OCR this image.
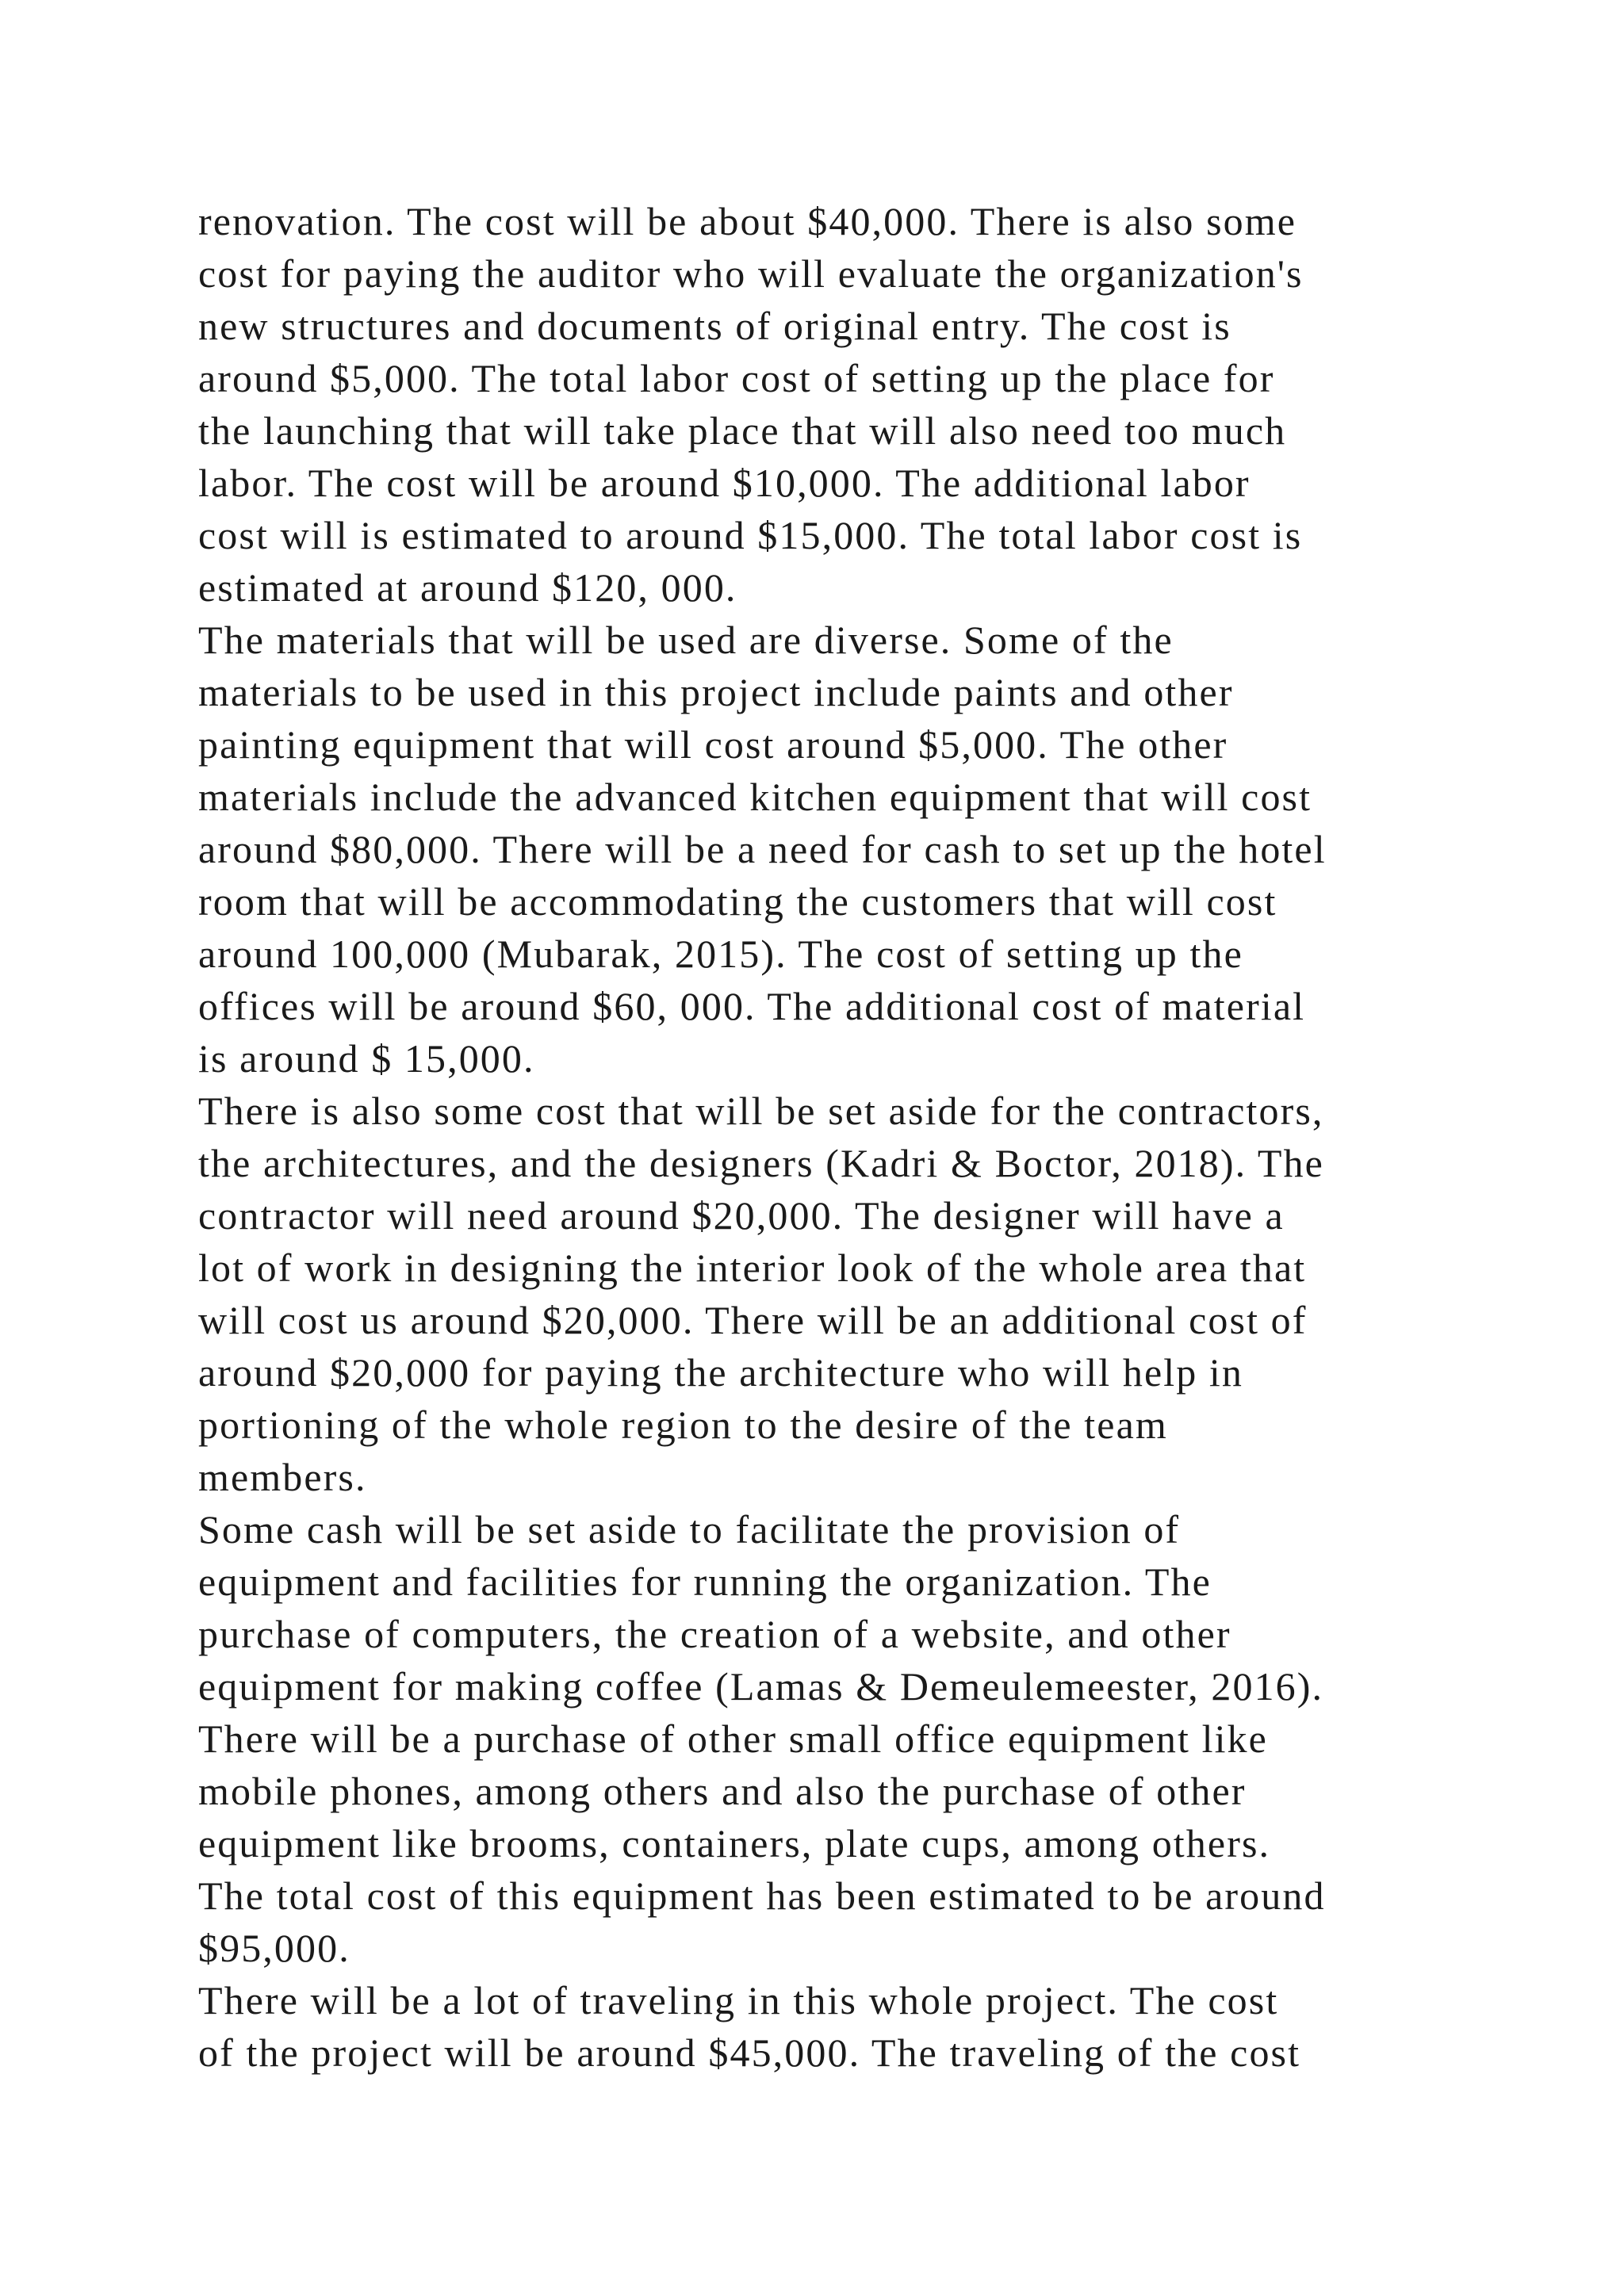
renovation. The cost will be about $40,000. There is also some
cost for paying the auditor who will evaluate the organization's
new structures and documents of original entry. The cost is
around $5,000. The total labor cost of setting up the place for
the launching that will take place that will also need too much
labor. The cost will be around $10,000. The additional labor
cost will is estimated to around $15,000. The total labor cost is
estimated at around $120, 000.
The materials that will be used are diverse. Some of the
materials to be used in this project include paints and other
painting equipment that will cost around $5,000. The other
materials include the advanced kitchen equipment that will cost
around $80,000. There will be a need for cash to set up the hotel
room that will be accommodating the customers that will cost
around 100,000 (Mubarak, 2015). The cost of setting up the
offices will be around $60, 000. The additional cost of material
is around $ 15,000.
There is also some cost that will be set aside for the contractors,
the architectures, and the designers (Kadri & Boctor, 2018). The
contractor will need around $20,000. The designer will have a
lot of work in designing the interior look of the whole area that
will cost us around $20,000. There will be an additional cost of
around $20,000 for paying the architecture who will help in
portioning of the whole region to the desire of the team
members.
Some cash will be set aside to facilitate the provision of
equipment and facilities for running the organization. The
purchase of computers, the creation of a website, and other
equipment for making coffee (Lamas & Demeulemeester, 2016).
There will be a purchase of other small office equipment like
mobile phones, among others and also the purchase of other
equipment like brooms, containers, plate cups, among others.
The total cost of this equipment has been estimated to be around
$95,000.
There will be a lot of traveling in this whole project. The cost
of the project will be around $45,000. The traveling of the cost
